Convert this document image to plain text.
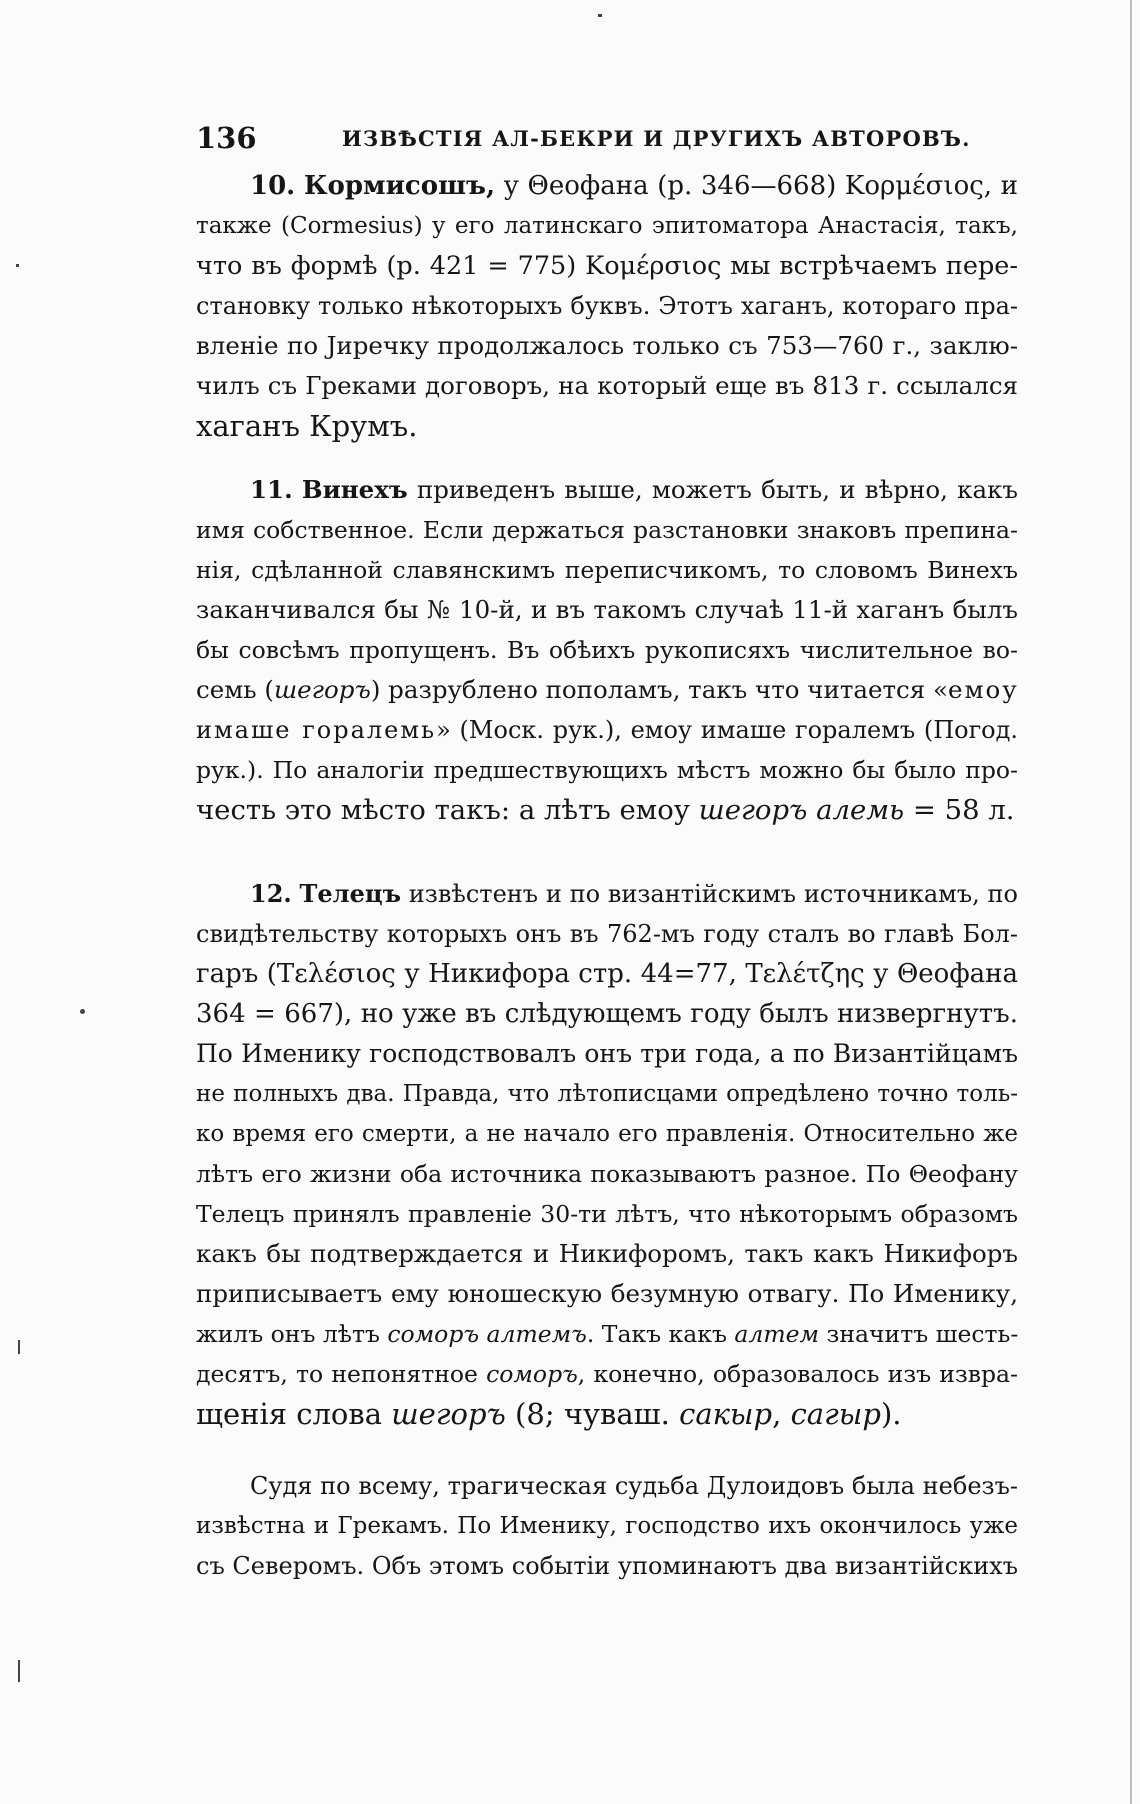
136	ИЗВѢСТІЯ АЛ-БЕКРИ И ДРУГИХЪ АВТОРОВЪ.
10. Кормисошъ, у Θеофана (р. 346—668) Κορμέσιος, и
также (Cormesius) у его латинскаго эпитоматора Анастасія, такъ,
что въ формѣ (р. 421 = 775) Κομέρσιος мы встрѣчаемъ пере-
становку только нѣкоторыхъ буквъ. Этотъ хаганъ, котораго пра-
вленіе по Јиречку продолжалось только съ 753—760 г., заклю-
чилъ съ Греками договоръ, на который еще въ 813 г. ссылался
хаганъ Крумъ.
11. Винехъ приведенъ выше, можетъ быть, и вѣрно, какъ
имя собственное. Если держаться разстановки знаковъ препина-
нія, сдѣланной славянскимъ переписчикомъ, то словомъ Винехъ
заканчивался бы № 10-й, и въ такомъ случаѣ 11-й хаганъ былъ
бы совсѣмъ пропущенъ. Въ обѣихъ рукописяхъ числительное во-
семь (шегоръ) разрублено пополамъ, такъ что читается «емоу
имаше горалемь» (Моск. рук.), емоу имаше горалемъ (Погод.
рук.). По аналогіи предшествующихъ мѣстъ можно бы было про-
честь это мѣсто такъ: а лѣтъ емоу шегоръ алемь = 58 л.
12. Телецъ извѣстенъ и по византійскимъ источникамъ, по
свидѣтельству которыхъ онъ въ 762-мъ году сталъ во главѣ Бол-
гаръ (Τελέσιος у Никифора стр. 44=77, Τελέτζης у Θеофана
364 = 667), но уже въ слѣдующемъ году былъ низвергнутъ.
По Именику господствовалъ онъ три года, а по Византійцамъ
не полныхъ два. Правда, что лѣтописцами опредѣлено точно толь-
ко время его смерти, а не начало его правленія. Относительно же
лѣтъ его жизни оба источника показываютъ разное. По Θеофану
Телецъ принялъ правленіе 30-ти лѣтъ, что нѣкоторымъ образомъ
какъ бы подтверждается и Никифоромъ, такъ какъ Никифоръ
приписываетъ ему юношескую безумную отвагу. По Именику,
жилъ онъ лѣтъ соморъ алтемъ. Такъ какъ алтем значитъ шесть-
десятъ, то непонятное соморъ, конечно, образовалось изъ извра-
щенія слова шегоръ (8; чуваш. сакыр, сагыр).
Судя по всему, трагическая судьба Дулоидовъ была небезъ-
извѣстна и Грекамъ. По Именику, господство ихъ окончилось уже
съ Северомъ. Объ этомъ событіи упоминаютъ два византійскихъ
